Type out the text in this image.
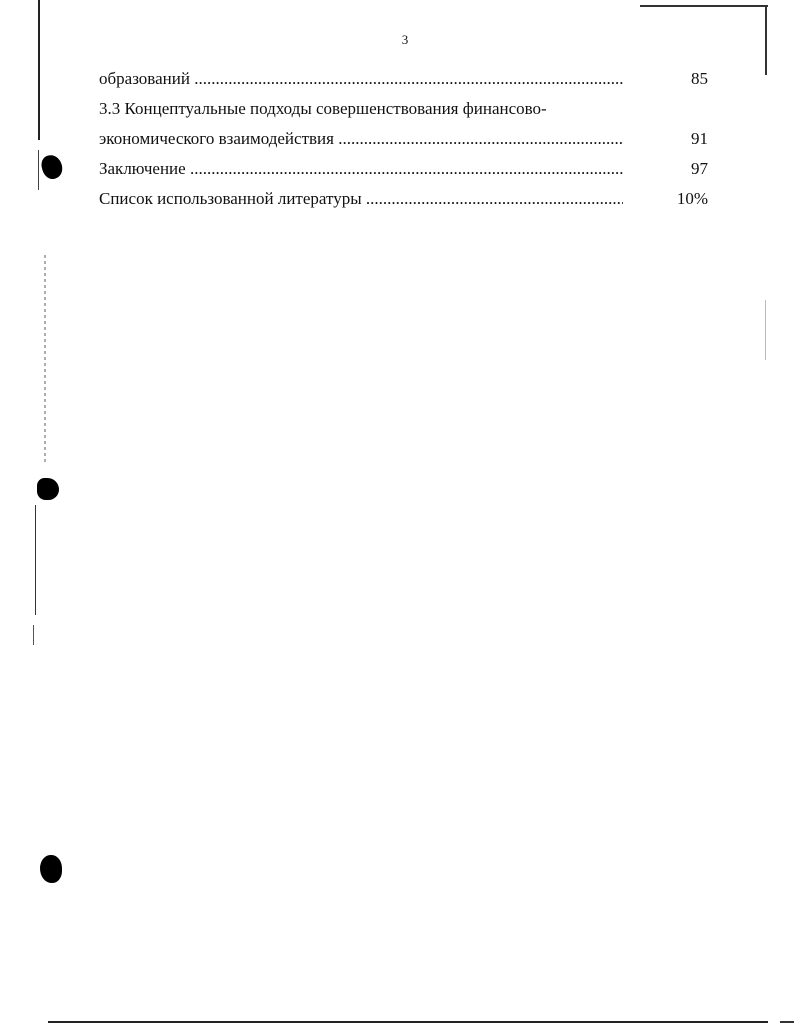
3
образований .....	85
3.3 Концептуальные подходы совершенствования финансово-
экономического взаимодействия .....	91
Заключение .....	97
Список использованной литературы .....	10%
